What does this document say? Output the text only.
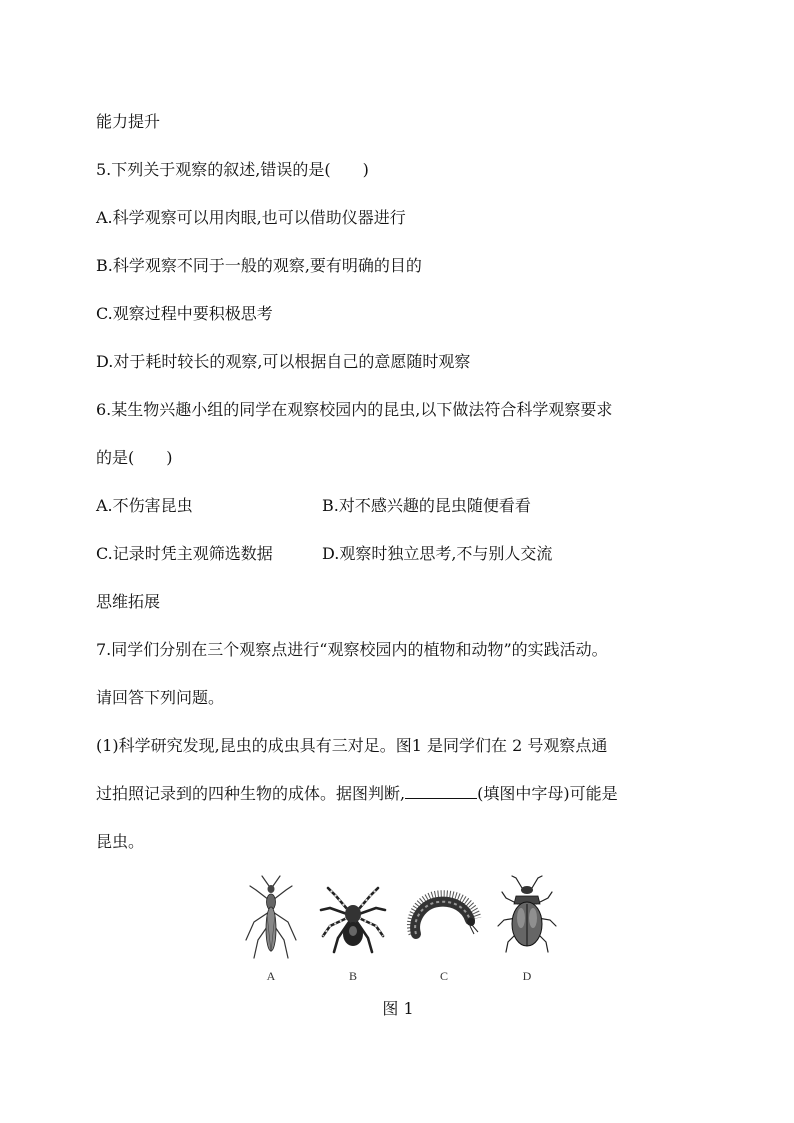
能力提升
5.下列关于观察的叙述,错误的是(　　)
A.科学观察可以用肉眼,也可以借助仪器进行
B.科学观察不同于一般的观察,要有明确的目的
C.观察过程中要积极思考
D.对于耗时较长的观察,可以根据自己的意愿随时观察
6.某生物兴趣小组的同学在观察校园内的昆虫,以下做法符合科学观察要求
的是(　　)
A.不伤害昆虫	B.对不感兴趣的昆虫随便看看
C.记录时凭主观筛选数据	D.观察时独立思考,不与别人交流
思维拓展
7.同学们分别在三个观察点进行“观察校园内的植物和动物”的实践活动。
请回答下列问题。
(1)科学研究发现,昆虫的成虫具有三对足。图1 是同学们在 2 号观察点通
过拍照记录到的四种生物的成体。据图判断,	(填图中字母)可能是
昆虫。
A	B	C	D
图 1
